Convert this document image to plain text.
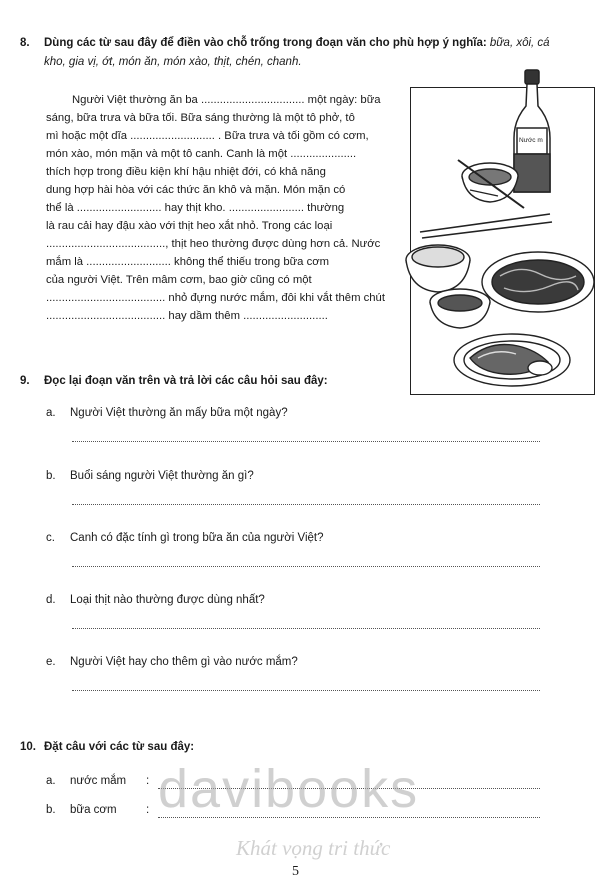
8. Dùng các từ sau đây để điền vào chỗ trống trong đoạn văn cho phù hợp ý nghĩa: bữa, xôi, cá kho, gia vị, ớt, món ăn, món xào, thịt, chén, chanh.
Người Việt thường ăn ba ................................. một ngày: bữa
sáng, bữa trưa và bữa tối. Bữa sáng thường là một tô phở, tô
mì hoặc một dĩa ........................... . Bữa trưa và tối gồm có cơm,
món xào, món mặn và một tô canh. Canh là một .....................
thích hợp trong điều kiện khí hậu nhiệt đới, có khả năng
dung hợp hài hòa với các thức ăn khô và mặn. Món mặn có
thể là ........................... hay thịt kho. ........................ thường
là rau cải hay đậu xào với thịt heo xắt nhỏ. Trong các loại
......................................, thịt heo thường được dùng hơn cả. Nước
mắm là ........................... không thể thiếu trong bữa cơm
của người Việt. Trên mâm cơm, bao giờ cũng có một
...................................... nhỏ đựng nước mắm, đôi khi vắt thêm chút
...................................... hay dầm thêm ...........................
Nước m
9. Đọc lại đoạn văn trên và trả lời các câu hỏi sau đây:
a. Người Việt thường ăn mấy bữa một ngày?
b. Buổi sáng người Việt thường ăn gì?
c. Canh có đặc tính gì trong bữa ăn của người Việt?
d. Loại thịt nào thường được dùng nhất?
e. Người Việt hay cho thêm gì vào nước mắm?
10. Đặt câu với các từ sau đây:
a. nước mắm :
b. bữa cơm	: davibooks
Khát vọng tri thức
5
